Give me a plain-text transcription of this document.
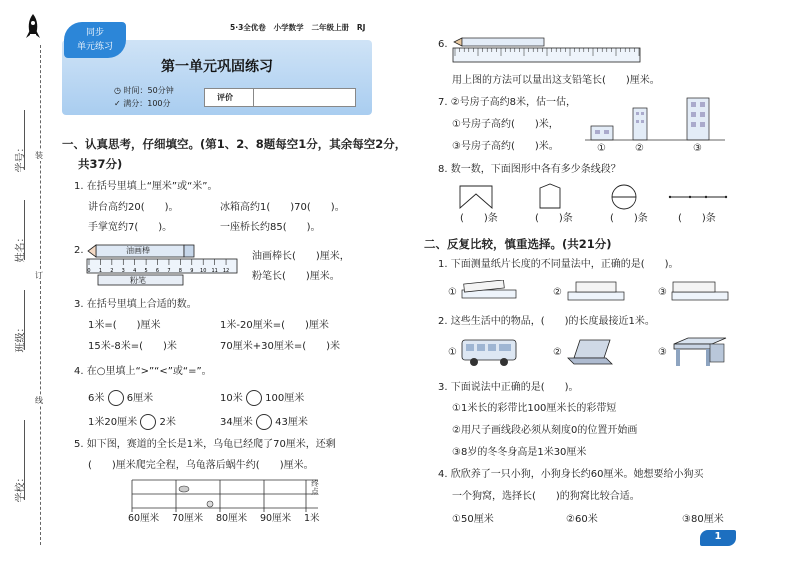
学号：
姓名：
班级：
学校：
装
订
线
5·3全优卷 小学数学 二年级上册 RJ
同步
单元练习
第一单元巩固练习
◷ 时间：50分钟
✓ 满分：100分
评价
一、认真思考，仔细填空。(第1、2、8题每空1分，其余每空2分，
共37分)
1. 在括号里填上“厘米”或“米”。
讲台高约20(　　)。	冰箱高约1(　　)70(　　)。
手掌宽约7(　　)。	一座桥长约85(　　)。
2.
0 1 2 3 4 5 6 7 8 9 10 11 12
油画棒
粉笔
油画棒长(　　)厘米，
粉笔长(　　)厘米。
3. 在括号里填上合适的数。
1米=(　　)厘米	1米-20厘米=(　　)厘米
15米-8米=(　　)米	70厘米+30厘米=(　　)米
4. 在○里填上“>”“<”或“=”。
6米 6厘米	10米 100厘米
1米20厘米 2米	34厘米 43厘米
5. 如下图，赛道的全长是1米，乌龟已经爬了70厘米，还剩
(　　)厘米爬完全程，乌龟落后蜗牛约(　　)厘米。
终点
60厘米 70厘米 80厘米 90厘米 1米
6.
用上图的方法可以量出这支铅笔长(　　)厘米。
7. ②号房子高约8米，估一估，
①号房子高约(　　)米，
③号房子高约(　　)米。	①	②	③
8. 数一数，下面图形中各有多少条线段？
(　　)条	(　　)条	(　　)条	(　　)条
二、反复比较，慎重选择。(共21分)
1. 下面测量纸片长度的不同量法中，正确的是(　　)。
①	②	③
2. 这些生活中的物品，(　　)的长度最接近1米。
①	②	③
3. 下面说法中正确的是(　　)。
①1米长的彩带比100厘米长的彩带短
②用尺子画线段必须从刻度0的位置开始画
③8岁的冬冬身高是1米30厘米
4. 欣欣养了一只小狗，小狗身长约60厘米。她想要给小狗买
一个狗窝，选择长(　　)的狗窝比较合适。
①50厘米	②60米	③80厘米
1
